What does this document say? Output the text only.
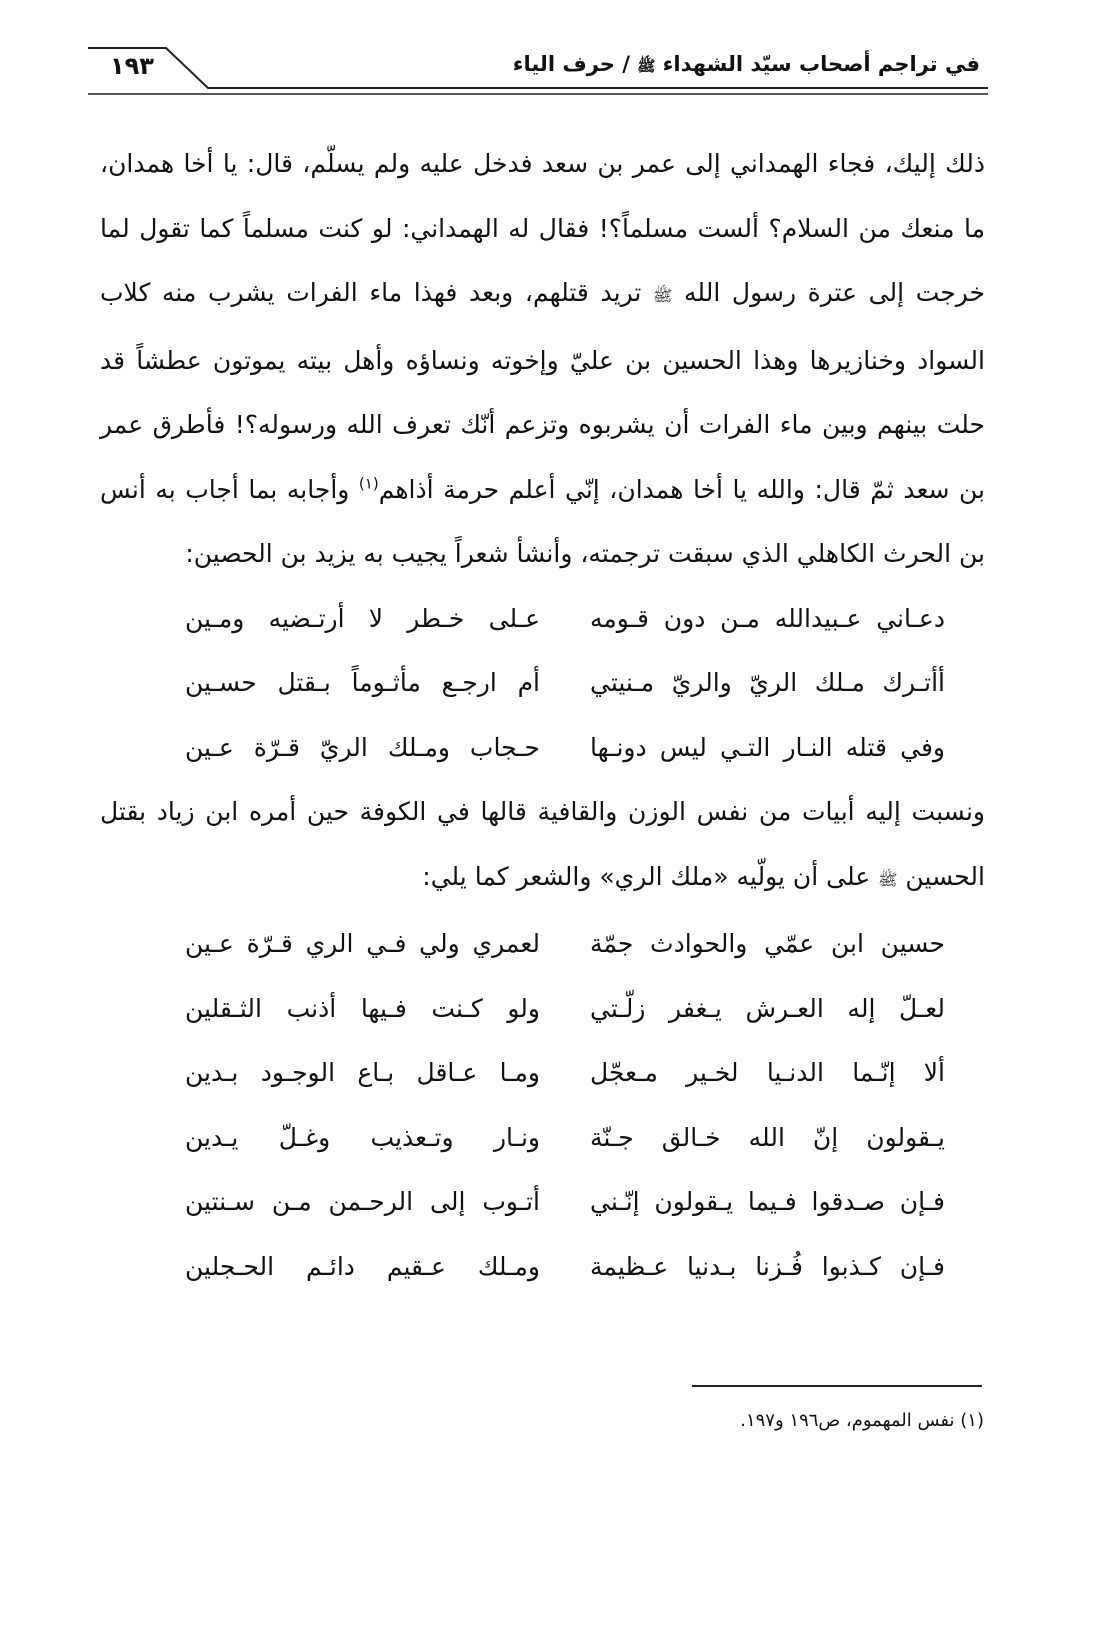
في تراجم أصحاب سيّد الشهداء ﷺ / حرف الياء
١٩٣

ذلك إليك، فجاء الهمداني إلى عمر بن سعد فدخل عليه ولم يسلّم، قال: يا أخا همدان، ما منعك من السلام؟ ألست مسلماً؟! فقال له الهمداني: لو كنت مسلماً كما تقول لما خرجت إلى عترة رسول الله ﷺ تريد قتلهم، وبعد فهذا ماء الفرات يشرب منه كلاب السواد وخنازيرها وهذا الحسين بن عليّ وإخوته ونساؤه وأهل بيته يموتون عطشاً قد حلت بينهم وبين ماء الفرات أن يشربوه وتزعم أنّك تعرف الله ورسوله؟! فأطرق عمر بن سعد ثمّ قال: والله يا أخا همدان، إنّي أعلم حرمة أذاهم$^{(١)}$ وأجابه بما أجاب به أنس بن الحرث الكاهلي الذي سبقت ترجمته، وأنشأ شعراً يجيب به يزيد بن الحصين:

دعـاني عـبيدالله مـن دون قـومه
عـلى خـطر لا أرتـضيه ومـين
أأتـرك مـلك الريّ والريّ مـنيتي
أم ارجـع مأثـوماً بـقتل حسـين
وفي قتله النـار التـي ليس دونـها
حـجاب ومـلك الريّ قـرّة عـين

ونسبت إليه أبيات من نفس الوزن والقافية قالها في الكوفة حين أمره ابن زياد بقتل الحسين ﷺ على أن يولّيه «ملك الري» والشعر كما يلي:

حسين ابن عمّي والحوادث جمّة
لعمري ولي فـي الري قـرّة عـين
لعـلّ إله العـرش يـغفر زلّـتي
ولو كـنت فـيها أذنب الثـقلين
ألا إنّـما الدنـيا لخـير مـعجّل
ومـا عـاقل بـاع الوجـود بـدين
يـقولون إنّ الله خـالق جـنّة
ونـار وتـعذيب وغـلّ يـدين
فـإن صـدقوا فـيما يـقولون إنّـني
أتـوب إلى الرحـمن مـن سـنتين
فـإن كـذبوا فُـزنا بـدنيا عـظيمة
ومـلك عـقيم دائـم الحـجلين
(١) نفس المهموم، ص١٩٦ و١٩٧.
